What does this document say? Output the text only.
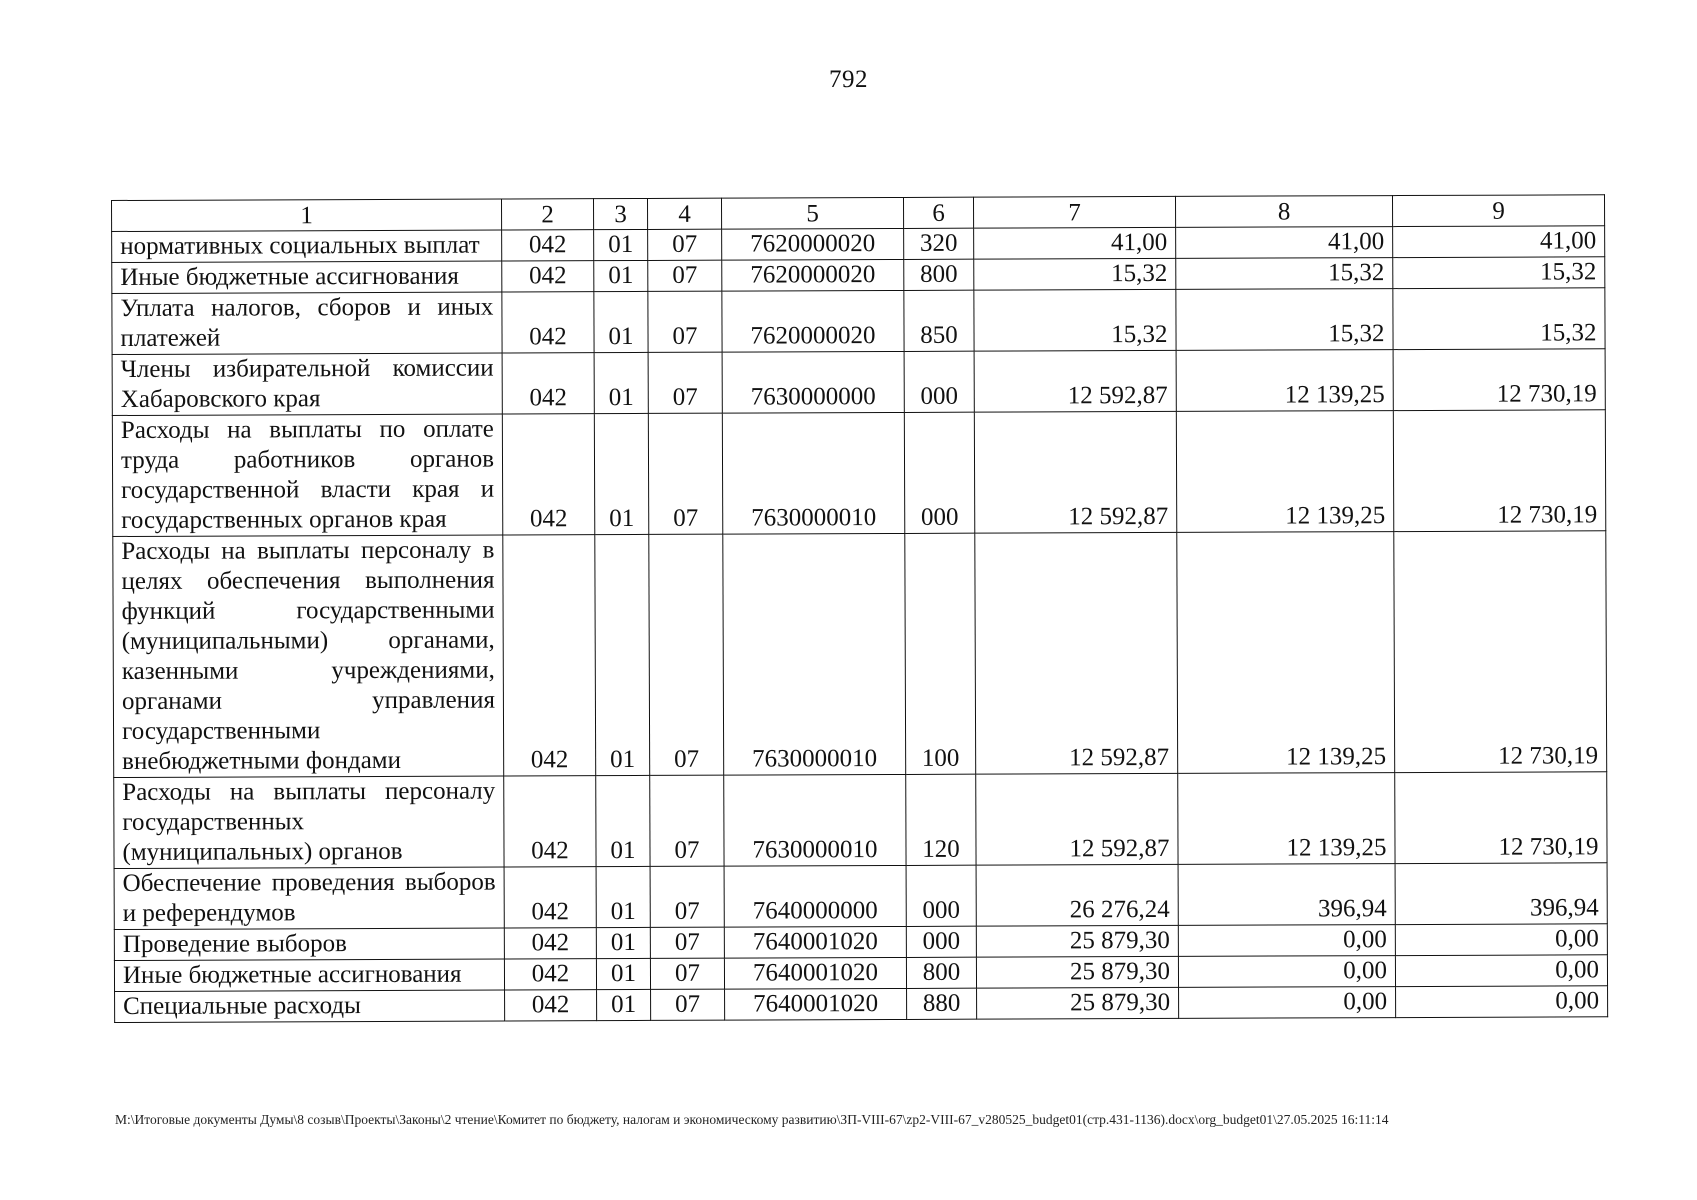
792
1	2	3	4	5	6	7	8	9
нормативных социальных выплат	042	01	07	7620000020	320	41,00	41,00	41,00
Иные бюджетные ассигнования	042	01	07	7620000020	800	15,32	15,32	15,32
Уплата налогов, сборов и иных платежей	042	01	07	7620000020	850	15,32	15,32	15,32
Члены избирательной комиссии Хабаровского края	042	01	07	7630000000	000	12 592,87	12 139,25	12 730,19
Расходы на выплаты по оплате труда работников органов государственной власти края и государственных органов края	042	01	07	7630000010	000	12 592,87	12 139,25	12 730,19
Расходы на выплаты персоналу в целях обеспечения выполнения функций государственными (муниципальными) органами, казенными учреждениями, органами управления государственными внебюджетными фондами	042	01	07	7630000010	100	12 592,87	12 139,25	12 730,19
Расходы на выплаты персоналу государственных (муниципальных) органов	042	01	07	7630000010	120	12 592,87	12 139,25	12 730,19
Обеспечение проведения выборов и референдумов	042	01	07	7640000000	000	26 276,24	396,94	396,94
Проведение выборов	042	01	07	7640001020	000	25 879,30	0,00	0,00
Иные бюджетные ассигнования	042	01	07	7640001020	800	25 879,30	0,00	0,00
Специальные расходы	042	01	07	7640001020	880	25 879,30	0,00	0,00
M:\Итоговые документы Думы\8 созыв\Проекты\Законы\2 чтение\Комитет по бюджету, налогам и экономическому развитию\ЗП-VIII-67\zp2-VIII-67_v280525_budget01(стр.431-1136).docx\org_budget01\27.05.2025 16:11:14
